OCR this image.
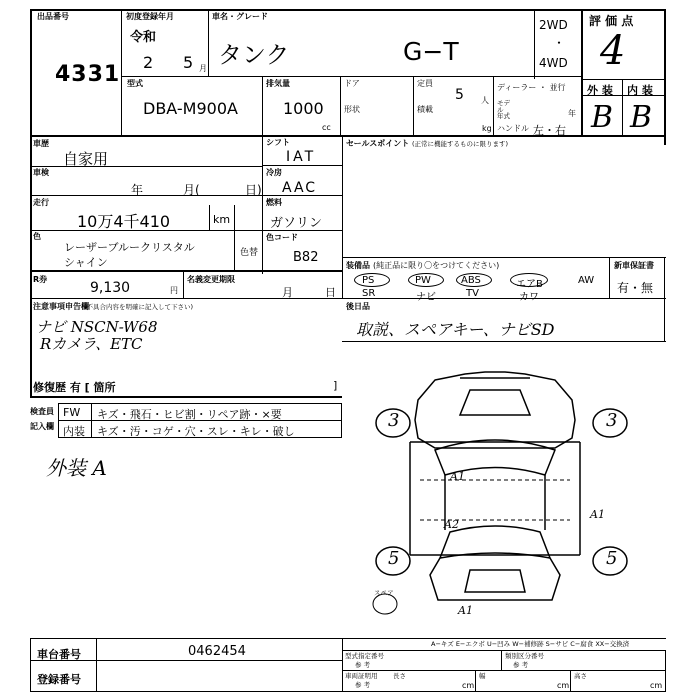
出品番号
4331
初度登録年月
令和
2 5 月
車名・グレード
タンク	G−T
2WD
・
4WD
評 価 点
4
外 装 内 装
B B
型式
DBA-M900A
排気量
1000
cc
ドア
形状
定員
5 人
積載
kg
ディーラー ・ 並行
モデル 年式	年
ハンドル 左・右
車歴
自家用
車検
年	月(	日)
走行
10万4千410	km
色
レーザーブルークリスタル
シャイン
色替
色コード
B82
シフト
IAT
冷房
AAC
燃料
ガソリン
R券
9,130	円
名義変更期限
月	日
注意事項申告欄
(不具合内容を明確に記入して下さい)
ナビ NSCN-W68
Rカメラ、ETC
修復歴 有 [ 箇所	]
検査員
記入欄
FW キズ・飛石・ヒビ割・リペア跡・×要
内装 キズ・汚・コゲ・穴・スレ・キレ・破し
外装 A
セールスポイント (正常に機能するものに限ります)
装備品 (純正品に限り〇をつけてください)
PS	PW	ABS	エアB	AW
SR	ナビ	TV	カワ
新車保証書
有・無
後日品
取説、スペアキー、ナビSD
3	3
5	5
A1
A1
A2
A1
スペア
A−キズ E−エクボ U−凹み W−補修跡 S−サビ C−腐食 XX−交換済
車台番号	0462454
登録番号
型式指定番号
参 考
類別区分番号
参 考
車両証明用
参 考
長さ
cm
幅
cm
高さ
cm
